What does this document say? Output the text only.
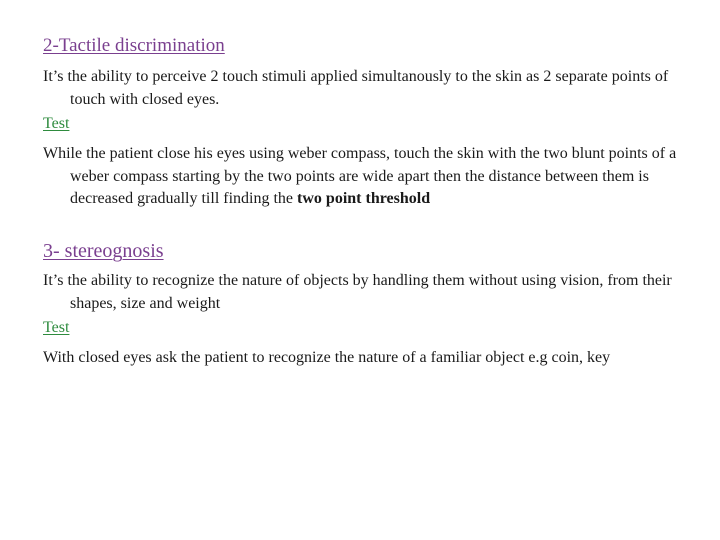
2-Tactile discrimination
It’s the ability to perceive 2 touch stimuli applied simultanously to the skin as 2 separate points of touch with closed eyes.
Test
While the patient close his eyes using weber compass, touch the skin with the two blunt points of a weber compass starting by the two points are wide apart then the distance between them is decreased gradually till finding the two point threshold
3- stereognosis
It’s the ability to recognize the nature of objects by handling them without using vision, from their shapes, size and weight
Test
With closed eyes ask the patient to recognize the nature of a familiar object e.g coin, key
